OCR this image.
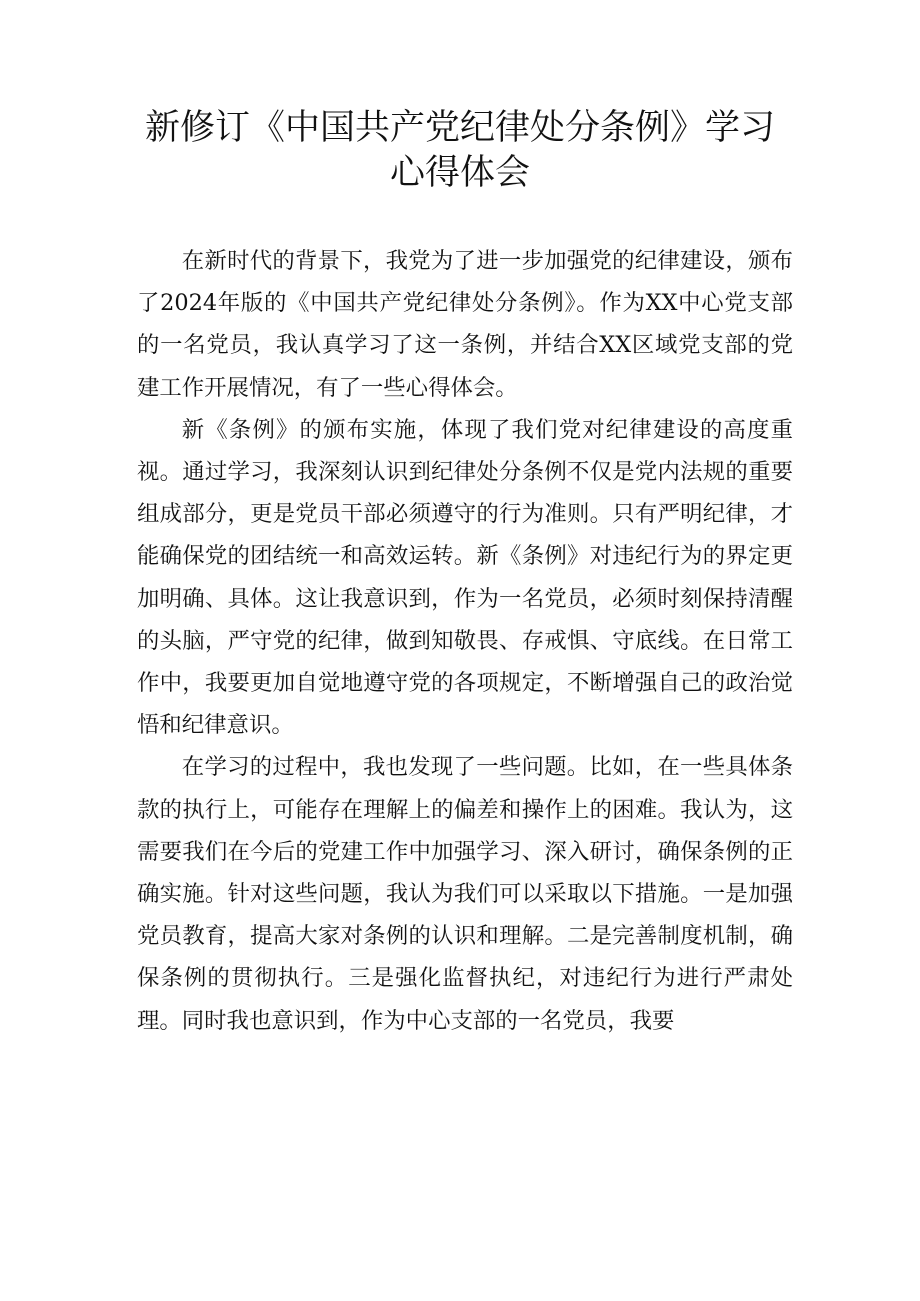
新修订《中国共产党纪律处分条例》学习
心得体会

在新时代的背景下，我党为了进一步加强党的纪律建设，颁布了2024年版的《中国共产党纪律处分条例》。作为XX中心党支部的一名党员，我认真学习了这一条例，并结合XX区域党支部的党建工作开展情况，有了一些心得体会。

新《条例》的颁布实施，体现了我们党对纪律建设的高度重视。通过学习，我深刻认识到纪律处分条例不仅是党内法规的重要组成部分，更是党员干部必须遵守的行为准则。只有严明纪律，才能确保党的团结统一和高效运转。新《条例》对违纪行为的界定更加明确、具体。这让我意识到，作为一名党员，必须时刻保持清醒的头脑，严守党的纪律，做到知敬畏、存戒惧、守底线。在日常工作中，我要更加自觉地遵守党的各项规定，不断增强自己的政治觉悟和纪律意识。

在学习的过程中，我也发现了一些问题。比如，在一些具体条款的执行上，可能存在理解上的偏差和操作上的困难。我认为，这需要我们在今后的党建工作中加强学习、深入研讨，确保条例的正确实施。针对这些问题，我认为我们可以采取以下措施。一是加强党员教育，提高大家对条例的认识和理解。二是完善制度机制，确保条例的贯彻执行。三是强化监督执纪，对违纪行为进行严肃处理。同时我也意识到，作为中心支部的一名党员，我要
